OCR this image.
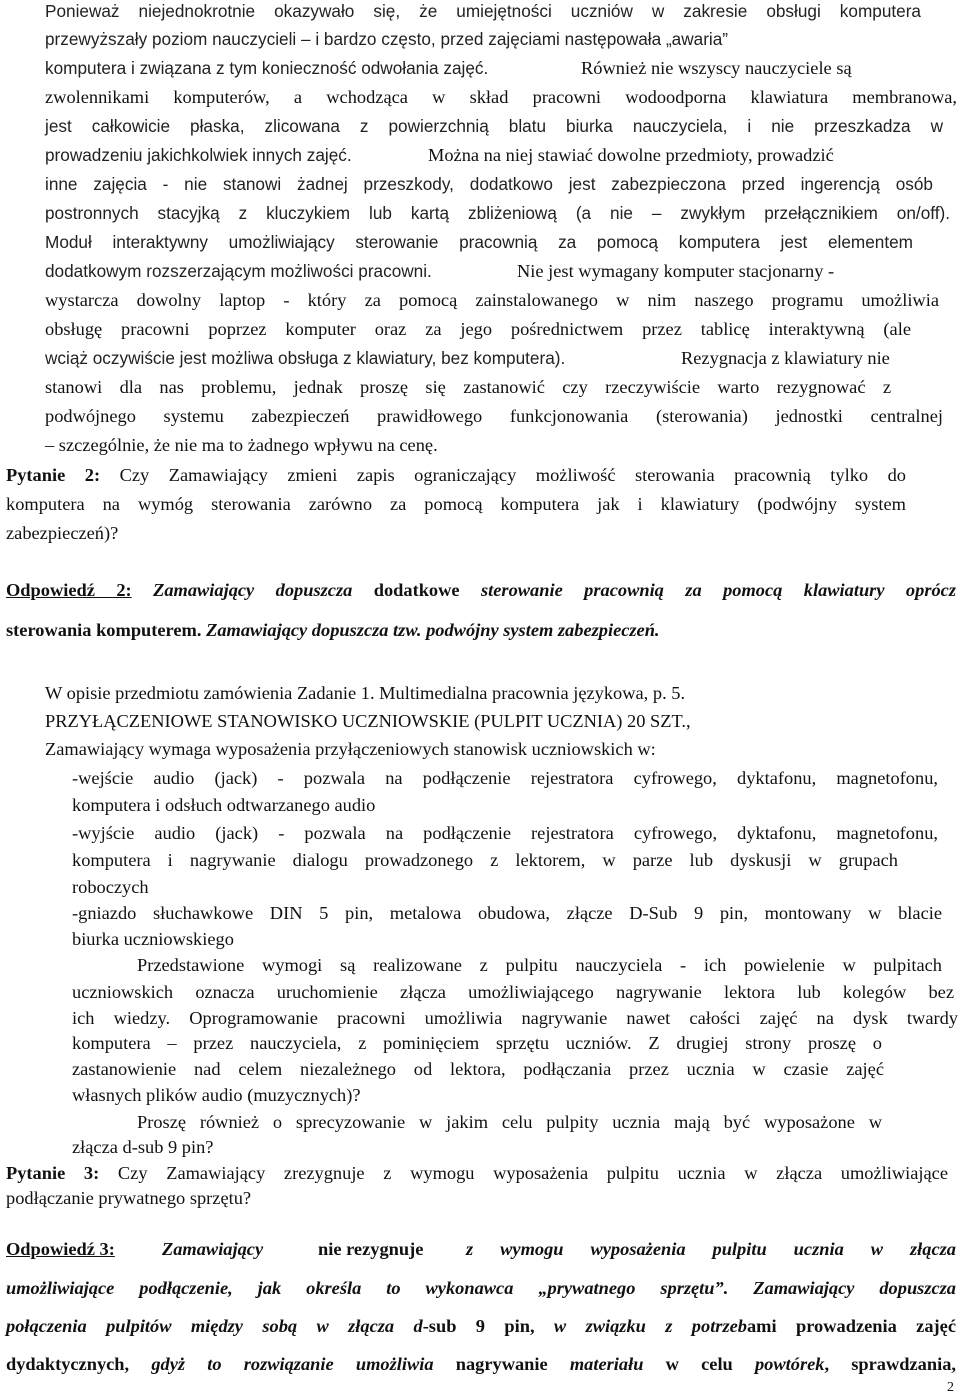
Ponieważ niejednokrotnie okazywało się, że umiejętności uczniów w zakresie obsługi komputera
przewyższały poziom nauczycieli – i bardzo często, przed zajęciami następowała „awaria”
komputera i związana z tym konieczność odwołania zajęć.	Również nie wszyscy nauczyciele są
zwolennikami komputerów, a wchodząca w skład pracowni wodoodporna klawiatura membranowa,
jest całkowicie płaska, zlicowana z powierzchnią blatu biurka nauczyciela, i nie przeszkadza w
prowadzeniu jakichkolwiek innych zajęć.	Można na niej stawiać dowolne przedmioty, prowadzić
inne zajęcia - nie stanowi żadnej przeszkody, dodatkowo jest zabezpieczona przed ingerencją osób
postronnych stacyjką z kluczykiem lub kartą zbliżeniową (a nie – zwykłym przełącznikiem on/off).
Moduł interaktywny umożliwiający sterowanie pracownią za pomocą komputera jest elementem
dodatkowym rozszerzającym możliwości pracowni.	Nie jest wymagany komputer stacjonarny -
wystarcza dowolny laptop - który za pomocą zainstalowanego w nim naszego programu umożliwia
obsługę pracowni poprzez komputer oraz za jego pośrednictwem przez tablicę interaktywną (ale
wciąż oczywiście jest możliwa obsługa z klawiatury, bez komputera).	Rezygnacja z klawiatury nie
stanowi dla nas problemu, jednak proszę się zastanowić czy rzeczywiście warto rezygnować z
podwójnego systemu zabezpieczeń prawidłowego funkcjonowania (sterowania) jednostki centralnej
– szczególnie, że nie ma to żadnego wpływu na cenę.
Pytanie 2: Czy Zamawiający zmieni zapis ograniczający możliwość sterowania pracownią tylko do
komputera na wymóg sterowania zarówno za pomocą komputera jak i klawiatury (podwójny system
zabezpieczeń)?
Odpowiedź 2: Zamawiający dopuszcza dodatkowe sterowanie pracownią za pomocą klawiatury oprócz
sterowania komputerem. Zamawiający dopuszcza tzw. podwójny system zabezpieczeń.
W opisie przedmiotu zamówienia Zadanie 1. Multimedialna pracownia językowa, p. 5.
PRZYŁĄCZENIOWE STANOWISKO UCZNIOWSKIE (PULPIT UCZNIA) 20 SZT.,
Zamawiający wymaga wyposażenia przyłączeniowych stanowisk uczniowskich w:
-wejście audio (jack) - pozwala na podłączenie rejestratora cyfrowego, dyktafonu, magnetofonu,
komputera i odsłuch odtwarzanego audio
-wyjście audio (jack) - pozwala na podłączenie rejestratora cyfrowego, dyktafonu, magnetofonu,
komputera i nagrywanie dialogu prowadzonego z lektorem, w parze lub dyskusji w grupach
roboczych
-gniazdo słuchawkowe DIN 5 pin, metalowa obudowa, złącze D-Sub 9 pin, montowany w blacie
biurka uczniowskiego
Przedstawione wymogi są realizowane z pulpitu nauczyciela - ich powielenie w pulpitach
uczniowskich oznacza uruchomienie złącza umożliwiającego nagrywanie lektora lub kolegów bez
ich wiedzy. Oprogramowanie pracowni umożliwia nagrywanie nawet całości zajęć na dysk twardy
komputera – przez nauczyciela, z pominięciem sprzętu uczniów. Z drugiej strony proszę o
zastanowienie nad celem niezależnego od lektora, podłączania przez ucznia w czasie zajęć
własnych plików audio (muzycznych)?
Proszę również o sprecyzowanie w jakim celu pulpity ucznia mają być wyposażone w
złącza d-sub 9 pin?
Pytanie 3: Czy Zamawiający zrezygnuje z wymogu wyposażenia pulpitu ucznia w złącza umożliwiające
podłączanie prywatnego sprzętu?
Odpowiedź 3:	Zamawiający	nie rezygnuje z wymogu wyposażenia pulpitu ucznia w złącza
umożliwiające podłączenie, jak określa to wykonawca „prywatnego sprzętu”. Zamawiający dopuszcza
połączenia pulpitów między sobą w złącza d-sub 9 pin, w związku z potrzebami prowadzenia zajęć
dydaktycznych, gdyż to rozwiązanie umożliwia nagrywanie materiału w celu powtórek, sprawdzania,
2
